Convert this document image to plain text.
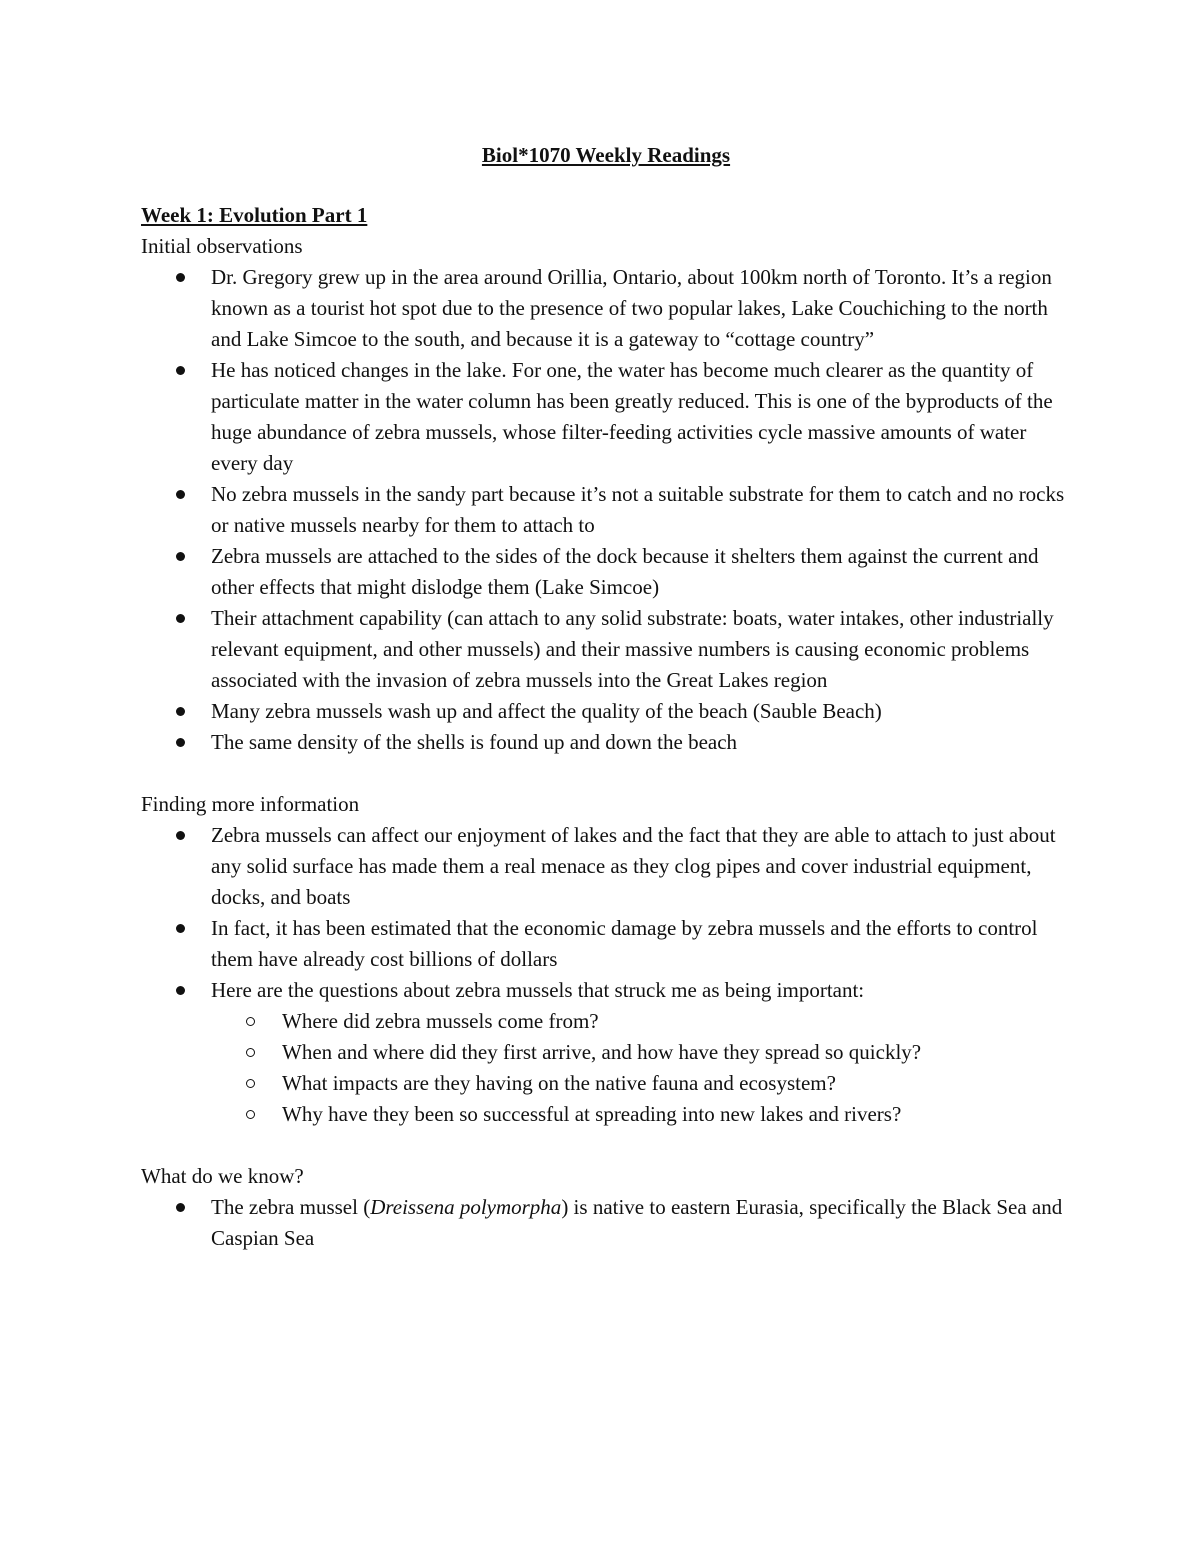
Biol*1070 Weekly Readings
Week 1: Evolution Part 1
Initial observations
Dr. Gregory grew up in the area around Orillia, Ontario, about 100km north of Toronto. It’s a region known as a tourist hot spot due to the presence of two popular lakes, Lake Couchiching to the north and Lake Simcoe to the south, and because it is a gateway to “cottage country”
He has noticed changes in the lake. For one, the water has become much clearer as the quantity of particulate matter in the water column has been greatly reduced. This is one of the byproducts of the huge abundance of zebra mussels, whose filter-feeding activities cycle massive amounts of water every day
No zebra mussels in the sandy part because it’s not a suitable substrate for them to catch and no rocks or native mussels nearby for them to attach to
Zebra mussels are attached to the sides of the dock because it shelters them against the current and other effects that might dislodge them (Lake Simcoe)
Their attachment capability (can attach to any solid substrate: boats, water intakes, other industrially relevant equipment, and other mussels) and their massive numbers is causing economic problems associated with the invasion of zebra mussels into the Great Lakes region
Many zebra mussels wash up and affect the quality of the beach (Sauble Beach)
The same density of the shells is found up and down the beach
Finding more information
Zebra mussels can affect our enjoyment of lakes and the fact that they are able to attach to just about any solid surface has made them a real menace as they clog pipes and cover industrial equipment, docks, and boats
In fact, it has been estimated that the economic damage by zebra mussels and the efforts to control them have already cost billions of dollars
Here are the questions about zebra mussels that struck me as being important:
Where did zebra mussels come from?
When and where did they first arrive, and how have they spread so quickly?
What impacts are they having on the native fauna and ecosystem?
Why have they been so successful at spreading into new lakes and rivers?
What do we know?
The zebra mussel (Dreissena polymorpha) is native to eastern Eurasia, specifically the Black Sea and Caspian Sea
